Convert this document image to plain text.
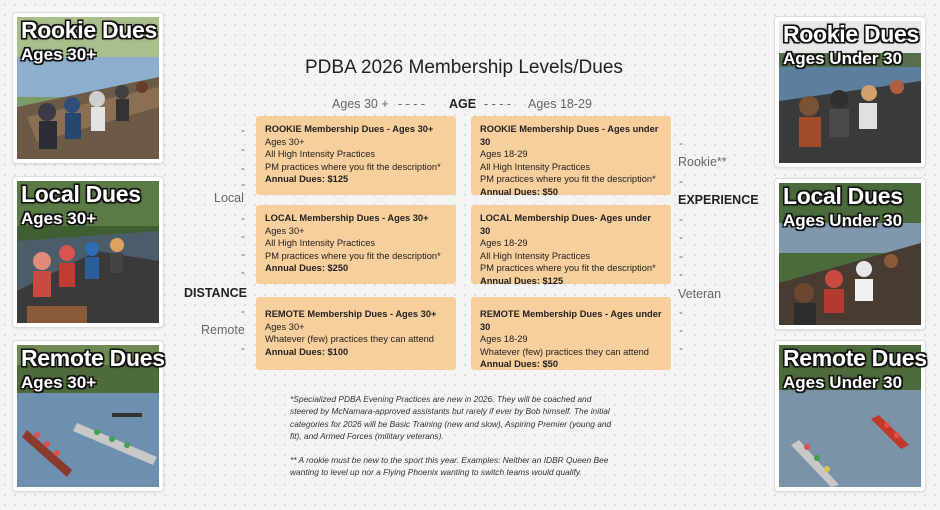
Rookie Dues
Ages 30+
Local Dues
Ages 30+
Remote Dues
Ages 30+
Rookie Dues
Ages Under 30
Local Dues
Ages Under 30
Remote Dues
Ages Under 30
PDBA 2026 Membership Levels/Dues
Ages 30 + - - - - AGE - - - - Ages 18-29
-
-
-
-
Local
-
-
-
-
DISTANCE
-
Remote
-
-
Rookie**
-
EXPERIENCE
-
-
-
-
Veteran
-
-
-
ROOKIE Membership Dues - Ages 30+
Ages 30+
All High Intensity Practices
PM practices where you fit the description*
Annual Dues: $125
ROOKIE Membership Dues - Ages under 30
Ages 18-29
All High Intensity Practices
PM practices where you fit the description*
Annual Dues: $50
LOCAL Membership Dues - Ages 30+
Ages 30+
All High Intensity Practices
PM practices where you fit the description*
Annual Dues: $250
LOCAL Membership Dues- Ages under 30
Ages 18-29
All High Intensity Practices
PM practices where you fit the description*
Annual Dues: $125
REMOTE Membership Dues - Ages 30+
Ages 30+
Whatever (few) practices they can attend
Annual Dues: $100
REMOTE Membership Dues - Ages under 30
Ages 18-29
Whatever (few) practices they can attend
Annual Dues: $50

*Specialized PDBA Evening Practices are new in 2026. They will be coached and steered by McNamara-approved assistants but rarely if ever by Bob himself. The initial categories for 2026 will be Basic Training (new and slow), Aspiring Premier (young and fit), and Armed Forces (military veterans).

** A rookie must be new to the sport this year. Examples: Neither an IDBR Queen Bee wanting to level up nor a Flying Phoenix wanting to switch teams would qualify.
